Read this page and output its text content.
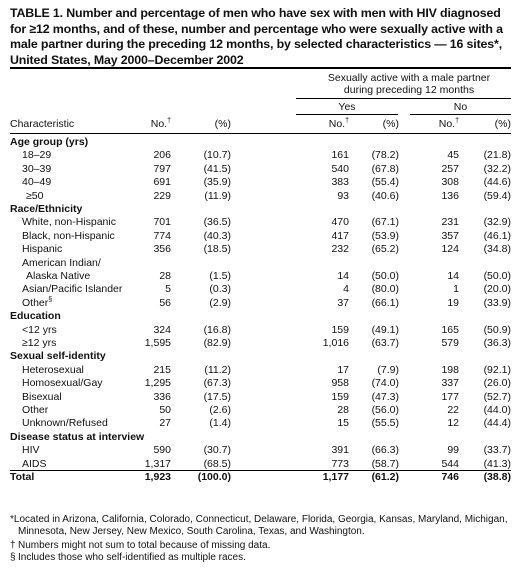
TABLE 1. Number and percentage of men who have sex with men with HIV diagnosed for ≥12 months, and of these, number and percentage who were sexually active with a male partner during the preceding 12 months, by selected characteristics — 16 sites*, United States, May 2000–December 2002

Sexually active with a male partner
during preceding 12 months
Yes	No
Characteristic	No.†	(%)	No.†	(%)	No.†	(%)
Age group (yrs)
18–29	206	(10.7)	161 (78.2)	45 (21.8)
30–39	797	(41.5)	540 (67.8)	257 (32.2)
40–49	691	(35.9)	383 (55.4)	308 (44.6)
≥50	229	(11.9)	93 (40.6)	136 (59.4)
Race/Ethnicity
White, non-Hispanic	701	(36.5)	470 (67.1)	231 (32.9)
Black, non-Hispanic	774	(40.3)	417 (53.9)	357 (46.1)
Hispanic	356	(18.5)	232 (65.2)	124 (34.8)
American Indian/
Alaska Native	28	(1.5)	14 (50.0)	14 (50.0)
Asian/Pacific Islander	5	(0.3)	4 (80.0)	1 (20.0)
Other§	56	(2.9)	37 (66.1)	19 (33.9)
Education
<12 yrs	324	(16.8)	159 (49.1)	165 (50.9)
≥12 yrs	1,595	(82.9)	1,016 (63.7)	579 (36.3)
Sexual self-identity
Heterosexual	215	(11.2)	17	(7.9)	198 (92.1)
Homosexual/Gay	1,295	(67.3)	958 (74.0)	337 (26.0)
Bisexual	336	(17.5)	159 (47.3)	177 (52.7)
Other	50	(2.6)	28 (56.0)	22 (44.0)
Unknown/Refused	27	(1.4)	15 (55.5)	12 (44.4)
Disease status at interview
HIV	590	(30.7)	391 (66.3)	99 (33.7)
AIDS	1,317	(68.5)	773 (58.7)	544 (41.3)
Total	1,923	(100.0)	1,177 (61.2)	746 (38.8)
*Located in Arizona, California, Colorado, Connecticut, Delaware, Florida, Georgia, Kansas, Maryland, Michigan, Minnesota, New Jersey, New Mexico, South Carolina, Texas, and Washington.
† Numbers might not sum to total because of missing data.
§ Includes those who self-identified as multiple races.
